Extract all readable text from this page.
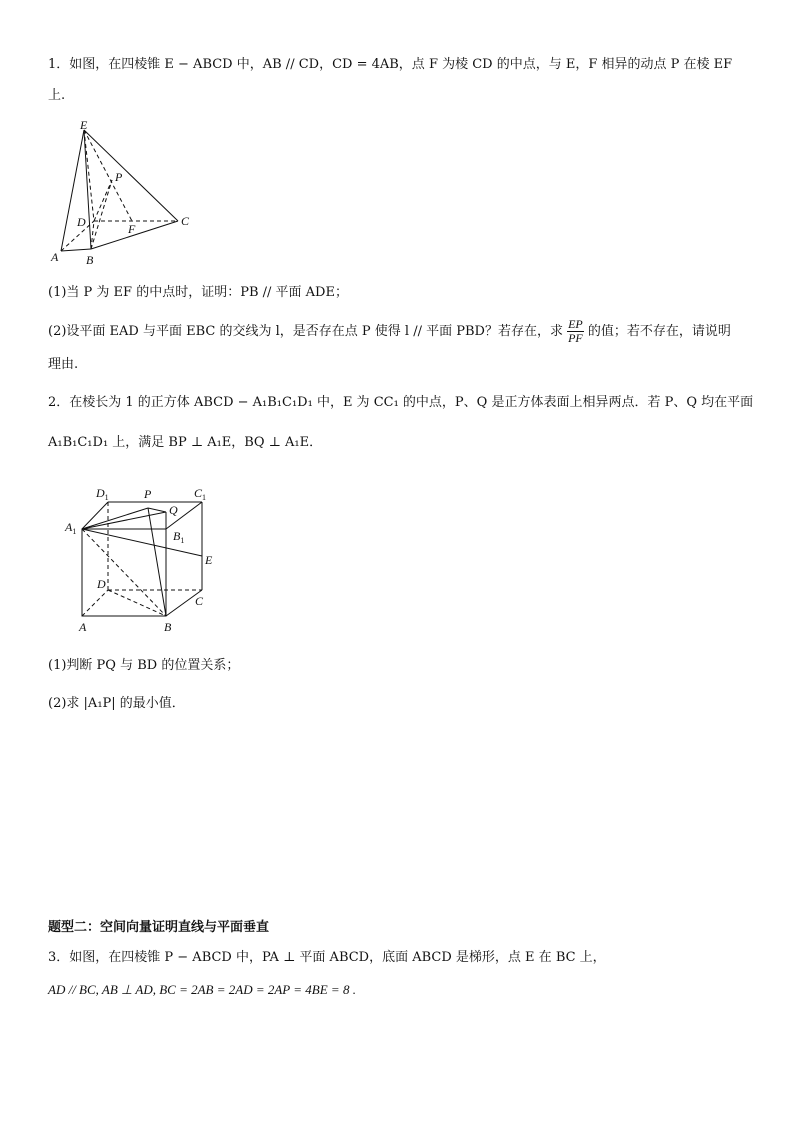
1．如图，在四棱锥 E − ABCD 中，AB // CD，CD = 4AB，点 F 为棱 CD 的中点，与 E，F 相异的动点 P 在棱 EF
上.
E
P
D	F
C
A B
(1)当 P 为 EF 的中点时，证明：PB // 平面 ADE；
(2)设平面 EAD 与平面 EBC 的交线为 l，是否存在点 P 使得 l // 平面 PBD？若存在，求 $\frac{EP}{PF}$ 的值；若不存在，请说明
理由.
2．在棱长为 1 的正方体 ABCD − A₁B₁C₁D₁ 中，E 为 CC₁ 的中点，P、Q 是正方体表面上相异两点．若 P、Q 均在平面
A₁B₁C₁D₁ 上，满足 BP ⊥ A₁E，BQ ⊥ A₁E．
$D_1$	P	$C_1$
$A_1$
Q
$B_1$
E
D
C
A	B
(1)判断 PQ 与 BD 的位置关系；
(2)求 |A₁P| 的最小值．
题型二：空间向量证明直线与平面垂直
3．如图，在四棱锥 P − ABCD 中，PA ⊥ 平面 ABCD，底面 ABCD 是梯形，点 E 在 BC 上，
AD // BC, AB ⊥ AD, BC = 2AB = 2AD = 2AP = 4BE = 8 .
